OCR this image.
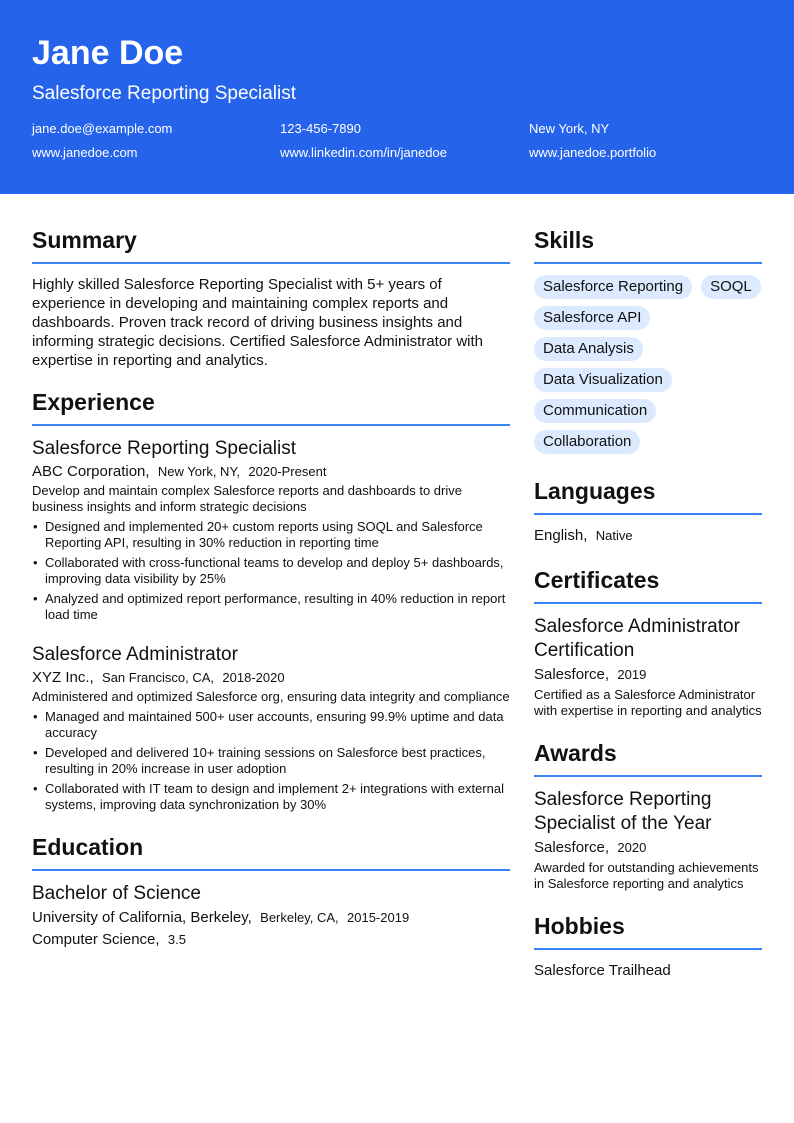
Jane Doe
Salesforce Reporting Specialist
jane.doe@example.com	123-456-7890	New York, NY
www.janedoe.com	www.linkedin.com/in/janedoe	www.janedoe.portfolio
Summary
Highly skilled Salesforce Reporting Specialist with 5+ years of experience in developing and maintaining complex reports and dashboards. Proven track record of driving business insights and informing strategic decisions. Certified Salesforce Administrator with expertise in reporting and analytics.
Experience
Salesforce Reporting Specialist
ABC Corporation, New York, NY, 2020-Present
Develop and maintain complex Salesforce reports and dashboards to drive business insights and inform strategic decisions
• Designed and implemented 20+ custom reports using SOQL and Salesforce Reporting API, resulting in 30% reduction in reporting time
• Collaborated with cross-functional teams to develop and deploy 5+ dashboards, improving data visibility by 25%
• Analyzed and optimized report performance, resulting in 40% reduction in report load time
Salesforce Administrator
XYZ Inc., San Francisco, CA, 2018-2020
Administered and optimized Salesforce org, ensuring data integrity and compliance
• Managed and maintained 500+ user accounts, ensuring 99.9% uptime and data accuracy
• Developed and delivered 10+ training sessions on Salesforce best practices, resulting in 20% increase in user adoption
• Collaborated with IT team to design and implement 2+ integrations with external systems, improving data synchronization by 30%
Education
Bachelor of Science
University of California, Berkeley, Berkeley, CA, 2015-2019
Computer Science, 3.5
Skills
Salesforce Reporting	SOQL
Salesforce API
Data Analysis
Data Visualization
Communication
Collaboration
Languages
English, Native
Certificates
Salesforce Administrator Certification
Salesforce, 2019
Certified as a Salesforce Administrator with expertise in reporting and analytics
Awards
Salesforce Reporting Specialist of the Year
Salesforce, 2020
Awarded for outstanding achievements in Salesforce reporting and analytics
Hobbies
Salesforce Trailhead
